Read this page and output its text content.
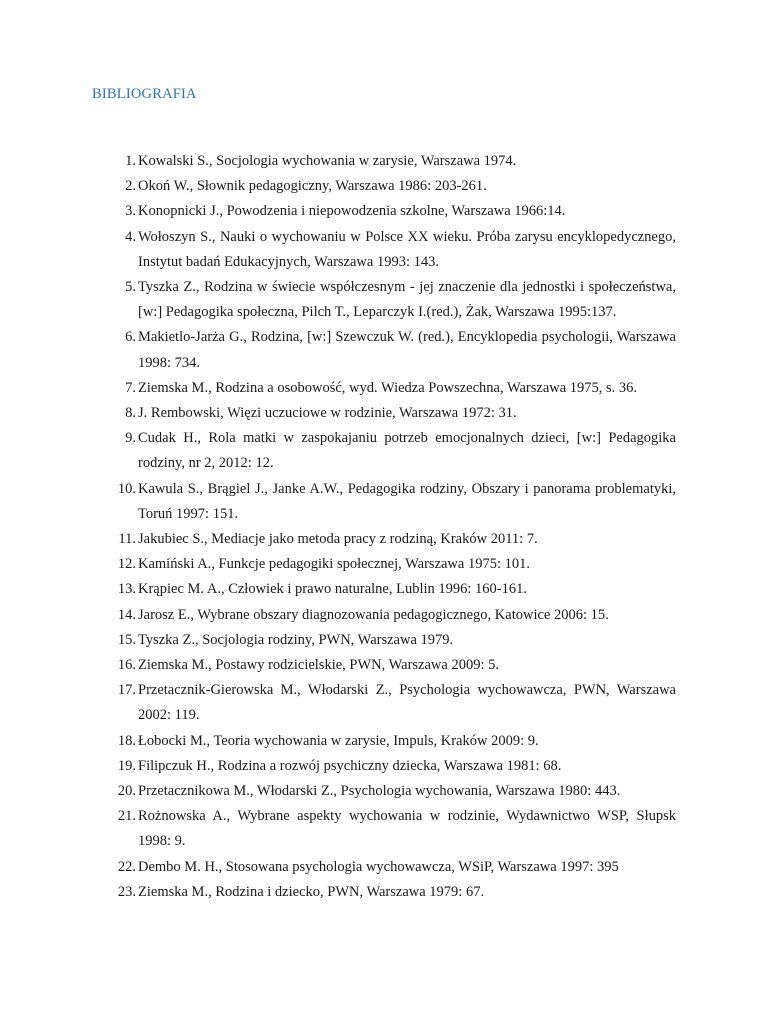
BIBLIOGRAFIA
1. Kowalski S., Socjologia wychowania w zarysie, Warszawa 1974.
2. Okoń W., Słownik pedagogiczny, Warszawa 1986: 203-261.
3. Konopnicki J., Powodzenia i niepowodzenia szkolne, Warszawa 1966:14.
4. Wołoszyn S., Nauki o wychowaniu w Polsce XX wieku. Próba zarysu encyklopedycznego, Instytut badań Edukacyjnych, Warszawa 1993: 143.
5. Tyszka Z., Rodzina w świecie współczesnym - jej znaczenie dla jednostki i społeczeństwa, [w:] Pedagogika społeczna, Pilch T., Leparczyk I.(red.), Żak, Warszawa 1995:137.
6. Makietlo-Jarża G., Rodzina, [w:] Szewczuk W. (red.), Encyklopedia psychologii, Warszawa 1998: 734.
7. Ziemska M., Rodzina a osobowość, wyd. Wiedza Powszechna, Warszawa 1975, s. 36.
8. J. Rembowski, Więzi uczuciowe w rodzinie, Warszawa 1972: 31.
9. Cudak H., Rola matki w zaspokajaniu potrzeb emocjonalnych dzieci, [w:] Pedagogika rodziny, nr 2, 2012: 12.
10. Kawula S., Brągiel J., Janke A.W., Pedagogika rodziny, Obszary i panorama problematyki, Toruń 1997: 151.
11. Jakubiec S., Mediacje jako metoda pracy z rodziną, Kraków 2011: 7.
12. Kamiński A., Funkcje pedagogiki społecznej, Warszawa 1975: 101.
13. Krąpiec M. A., Człowiek i prawo naturalne, Lublin 1996: 160-161.
14. Jarosz E., Wybrane obszary diagnozowania pedagogicznego, Katowice 2006: 15.
15. Tyszka Z., Socjologia rodziny, PWN, Warszawa 1979.
16. Ziemska M., Postawy rodzicielskie, PWN, Warszawa 2009: 5.
17. Przetacznik-Gierowska M., Włodarski Z., Psychologia wychowawcza, PWN, Warszawa 2002: 119.
18. Łobocki M., Teoria wychowania w zarysie, Impuls, Kraków 2009: 9.
19. Filipczuk H., Rodzina a rozwój psychiczny dziecka, Warszawa 1981: 68.
20. Przetacznikowa M., Włodarski Z., Psychologia wychowania, Warszawa 1980: 443.
21. Rożnowska A., Wybrane aspekty wychowania w rodzinie, Wydawnictwo WSP, Słupsk 1998: 9.
22. Dembo M. H., Stosowana psychologia wychowawcza, WSiP, Warszawa 1997: 395
23. Ziemska M., Rodzina i dziecko, PWN, Warszawa 1979: 67.
